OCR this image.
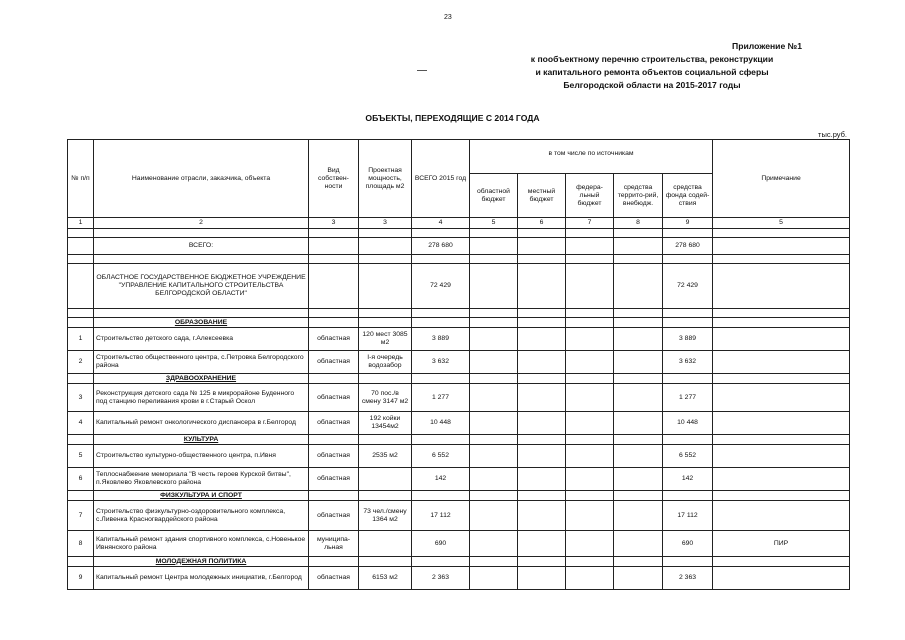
23
Приложение №1
к пообъектному перечню строительства, реконструкции
и капитального ремонта объектов социальной сферы
Белгородской области на 2015-2017 годы
ОБЪЕКТЫ, ПЕРЕХОДЯЩИЕ С 2014 ГОДА
тыс.руб.
№ п/п	Наименование отрасли, заказчика, объекта	Вид собствен-ности	Проектная мощность, площадь м2	ВСЕГО 2015 год	в том числе по источникам					Примечание
					областной бюджет	местный бюджет	федера-льный бюджет	средства террито-рий, внебюдж.	средства фонда содей-ствия	
1	2	3	3	4	5	6	7	8	9	5

	ВСЕГО:			278 680					278 680	

	ОБЛАСТНОЕ ГОСУДАРСТВЕННОЕ БЮДЖЕТНОЕ УЧРЕЖДЕНИЕ "УПРАВЛЕНИЕ КАПИТАЛЬНОГО СТРОИТЕЛЬСТВА БЕЛГОРОДСКОЙ ОБЛАСТИ"			72 429					72 429	

	ОБРАЗОВАНИЕ									
1	Строительство детского сада, г.Алексеевка	областная	120 мест 3085 м2	3 889					3 889	
2	Строительство общественного центра, с.Петровка Белгородского района	областная	I-я очередь водозабор	3 632					3 632	
	ЗДРАВООХРАНЕНИЕ									
3	Реконструкция детского сада № 125 в микрорайоне Буденного под станцию переливания крови в г.Старый Оскол	областная	70 пос./в смену 3147 м2	1 277					1 277	
4	Капитальный ремонт онкологического диспансера в г.Белгород	областная	192 койки 13454м2	10 448					10 448	
	КУЛЬТУРА									
5	Строительство культурно-общественного центра, п.Ивня	областная	2535 м2	6 552					6 552	
6	Теплоснабжение мемориала "В честь героев Курской битвы", п.Яковлево Яковлевского района	областная		142					142	
	ФИЗКУЛЬТУРА И СПОРТ									
7	Строительство физкультурно-оздоровительного комплекса, с.Ливенка Красногвардейского района	областная	73 чел./смену 1364 м2	17 112					17 112	
8	Капитальный ремонт здания спортивного комплекса, с.Новенькое Ивнянского района	муниципа-льная		690					690	ПИР
	МОЛОДЕЖНАЯ ПОЛИТИКА									
9	Капитальный ремонт Центра молодежных инициатив, г.Белгород	областная	6153 м2	2 363					2 363	
